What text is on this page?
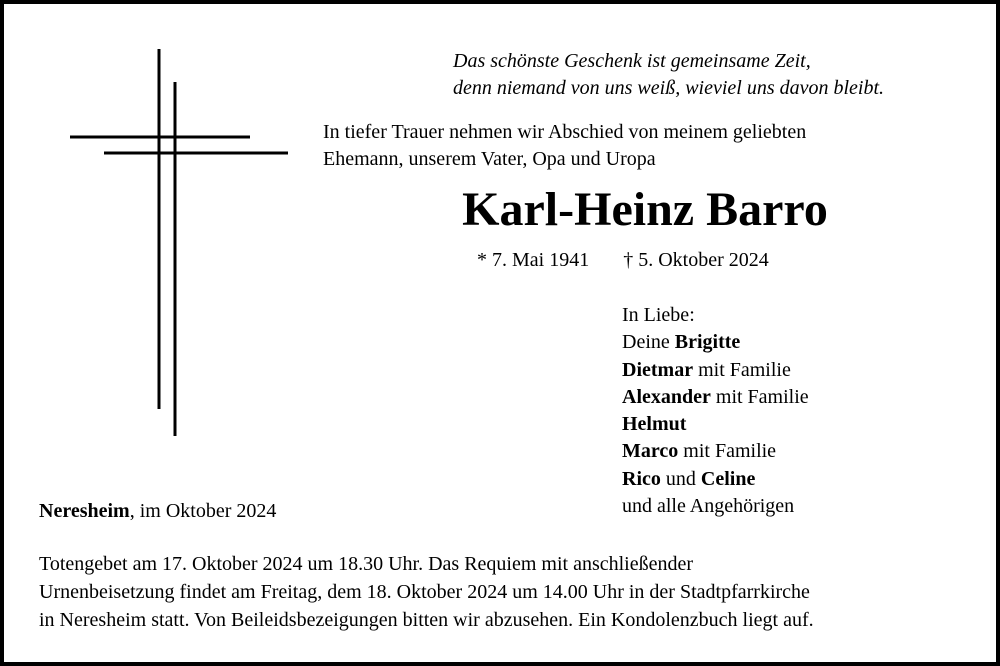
Das schönste Geschenk ist gemeinsame Zeit,
denn niemand von uns weiß, wieviel uns davon bleibt.
In tiefer Trauer nehmen wir Abschied von meinem geliebten
Ehemann, unserem Vater, Opa und Uropa
Karl-Heinz Barro
* 7. Mai 1941 † 5. Oktober 2024
In Liebe:
Deine Brigitte
Dietmar mit Familie
Alexander mit Familie
Helmut
Marco mit Familie
Rico und Celine
und alle Angehörigen
Neresheim, im Oktober 2024
Totengebet am 17. Oktober 2024 um 18.30 Uhr. Das Requiem mit anschließender
Urnenbeisetzung findet am Freitag, dem 18. Oktober 2024 um 14.00 Uhr in der Stadtpfarrkirche
in Neresheim statt. Von Beileidsbezeigungen bitten wir abzusehen. Ein Kondolenzbuch liegt auf.
